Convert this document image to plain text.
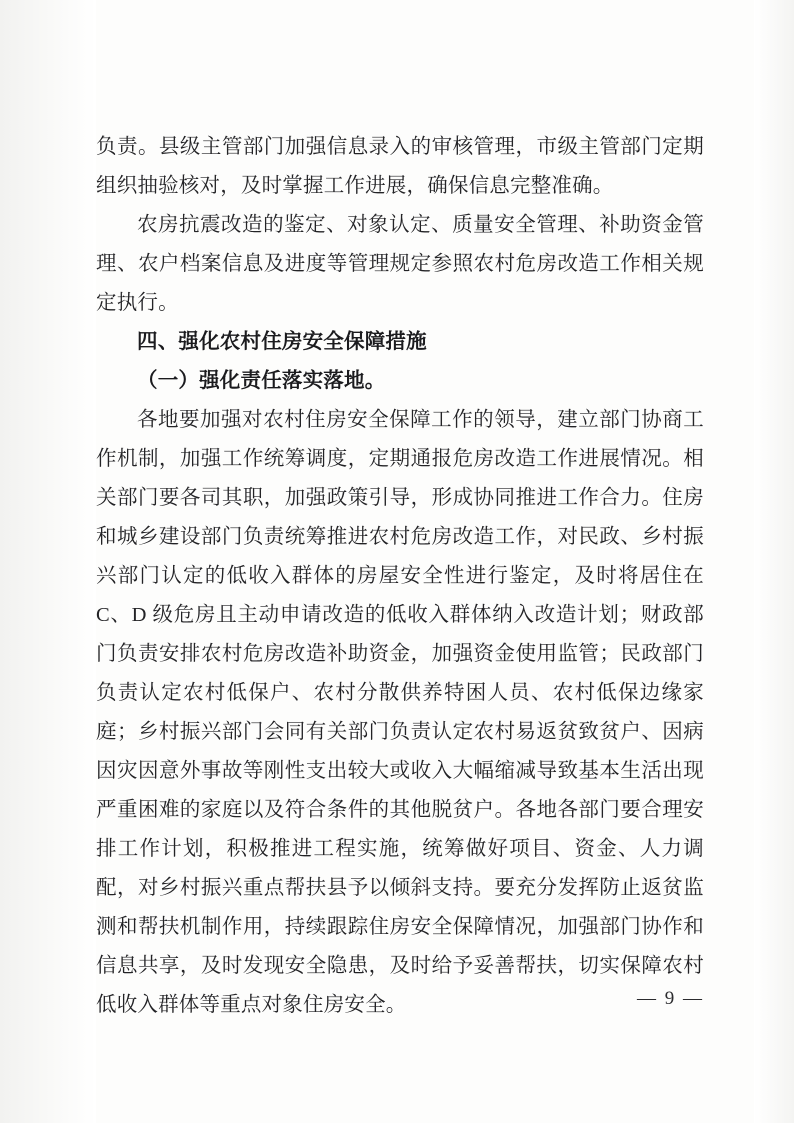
负责。县级主管部门加强信息录入的审核管理，市级主管部门定期组织抽验核对，及时掌握工作进展，确保信息完整准确。

农房抗震改造的鉴定、对象认定、质量安全管理、补助资金管理、农户档案信息及进度等管理规定参照农村危房改造工作相关规定执行。

四、强化农村住房安全保障措施

（一）强化责任落实落地。

各地要加强对农村住房安全保障工作的领导，建立部门协商工作机制，加强工作统筹调度，定期通报危房改造工作进展情况。相关部门要各司其职，加强政策引导，形成协同推进工作合力。住房和城乡建设部门负责统筹推进农村危房改造工作，对民政、乡村振兴部门认定的低收入群体的房屋安全性进行鉴定，及时将居住在 C、D 级危房且主动申请改造的低收入群体纳入改造计划；财政部门负责安排农村危房改造补助资金，加强资金使用监管；民政部门负责认定农村低保户、农村分散供养特困人员、农村低保边缘家庭；乡村振兴部门会同有关部门负责认定农村易返贫致贫户、因病因灾因意外事故等刚性支出较大或收入大幅缩减导致基本生活出现严重困难的家庭以及符合条件的其他脱贫户。各地各部门要合理安排工作计划，积极推进工程实施，统筹做好项目、资金、人力调配，对乡村振兴重点帮扶县予以倾斜支持。要充分发挥防止返贫监测和帮扶机制作用，持续跟踪住房安全保障情况，加强部门协作和信息共享，及时发现安全隐患，及时给予妥善帮扶，切实保障农村低收入群体等重点对象住房安全。	— 9 —
